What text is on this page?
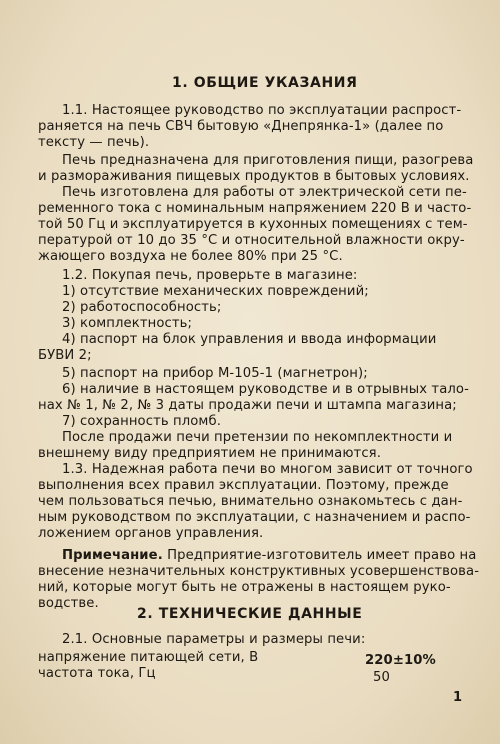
1. ОБЩИЕ УКАЗАНИЯ
1.1. Настоящее руководство по эксплуатации распрост-
раняется на печь СВЧ бытовую «Днепрянка-1» (далее по
тексту — печь).
Печь предназначена для приготовления пищи, разогрева
и размораживания пищевых продуктов в бытовых условиях.
Печь изготовлена для работы от электрической сети пе-
ременного тока с номинальным напряжением 220 В и часто-
той 50 Гц и эксплуатируется в кухонных помещениях с тем-
пературой от 10 до 35 °С и относительной влажности окру-
жающего воздуха не более 80% при 25 °С.
1.2. Покупая печь, проверьте в магазине:
1) отсутствие механических повреждений;
2) работоспособность;
3) комплектность;
4) паспорт на блок управления и ввода информации
БУВИ 2;
5) паспорт на прибор М-105-1 (магнетрон);
6) наличие в настоящем руководстве и в отрывных тало-
нах № 1, № 2, № 3 даты продажи печи и штампа магазина;
7) сохранность пломб.
После продажи печи претензии по некомплектности и
внешнему виду предприятием не принимаются.
1.3. Надежная работа печи во многом зависит от точного
выполнения всех правил эксплуатации. Поэтому, прежде
чем пользоваться печью, внимательно ознакомьтесь с дан-
ным руководством по эксплуатации, с назначением и распо-
ложением органов управления.
Примечание. Предприятие-изготовитель имеет право на
внесение незначительных конструктивных усовершенствова-
ний, которые могут быть не отражены в настоящем руко-
водстве.
2. ТЕХНИЧЕСКИЕ ДАННЫЕ
2.1. Основные параметры и размеры печи:
напряжение питающей сети, В	220±10%
частота тока, Гц	50
1
